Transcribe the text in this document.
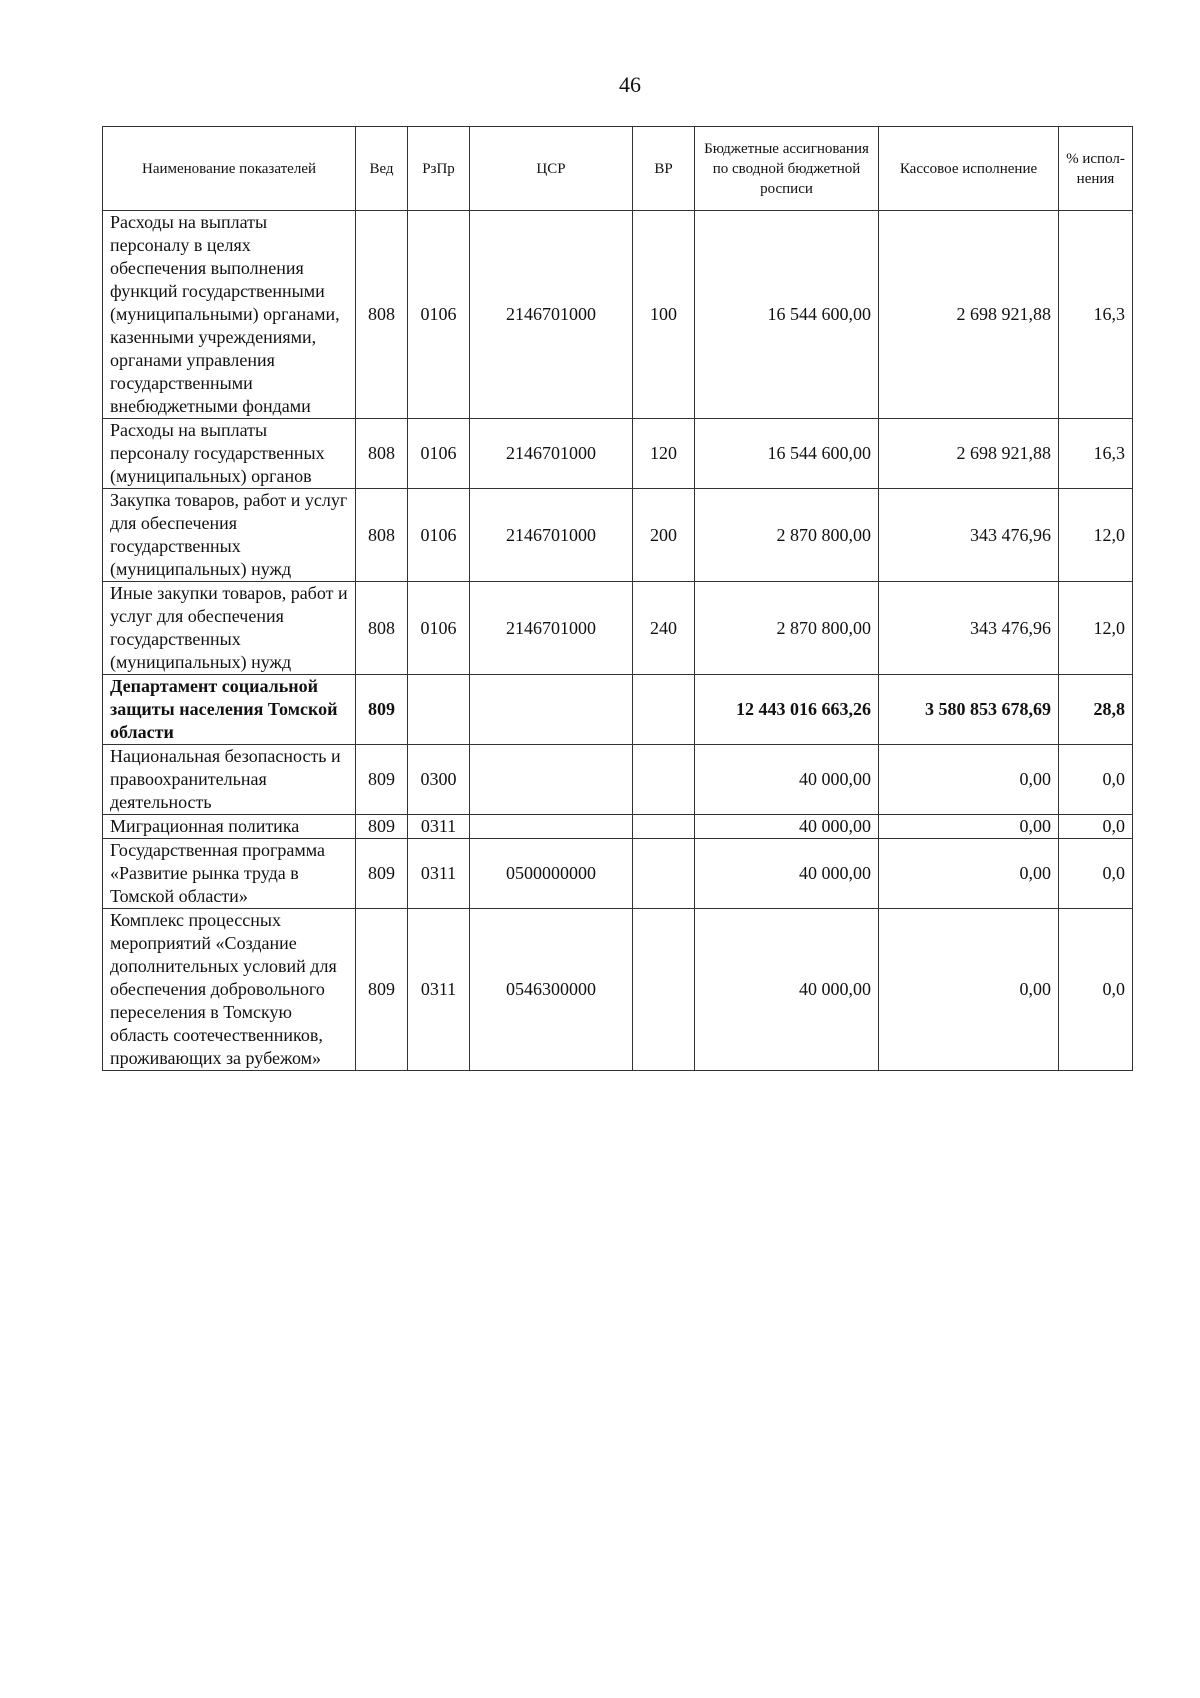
46
Наименование показателей	Вед	РзПр	ЦСР	ВР	Бюджетные ассигнования по сводной бюджетной росписи	Кассовое исполнение	% испол-нения
Расходы на выплаты персоналу в целях обеспечения выполнения функций государственными (муниципальными) органами, казенными учреждениями, органами управления государственными внебюджетными фондами	808	0106	2146701000	100	16 544 600,00	2 698 921,88	16,3
Расходы на выплаты персоналу государственных (муниципальных) органов	808	0106	2146701000	120	16 544 600,00	2 698 921,88	16,3
Закупка товаров, работ и услуг для обеспечения государственных (муниципальных) нужд	808	0106	2146701000	200	2 870 800,00	343 476,96	12,0
Иные закупки товаров, работ и услуг для обеспечения государственных (муниципальных) нужд	808	0106	2146701000	240	2 870 800,00	343 476,96	12,0
Департамент социальной защиты населения Томской области	809				12 443 016 663,26	3 580 853 678,69	28,8
Национальная безопасность и правоохранительная деятельность	809	0300			40 000,00	0,00	0,0
Миграционная политика	809	0311			40 000,00	0,00	0,0
Государственная программа «Развитие рынка труда в Томской области»	809	0311	0500000000		40 000,00	0,00	0,0
Комплекс процессных мероприятий «Создание дополнительных условий для обеспечения добровольного переселения в Томскую область соотечественников, проживающих за рубежом»	809	0311	0546300000		40 000,00	0,00	0,0
